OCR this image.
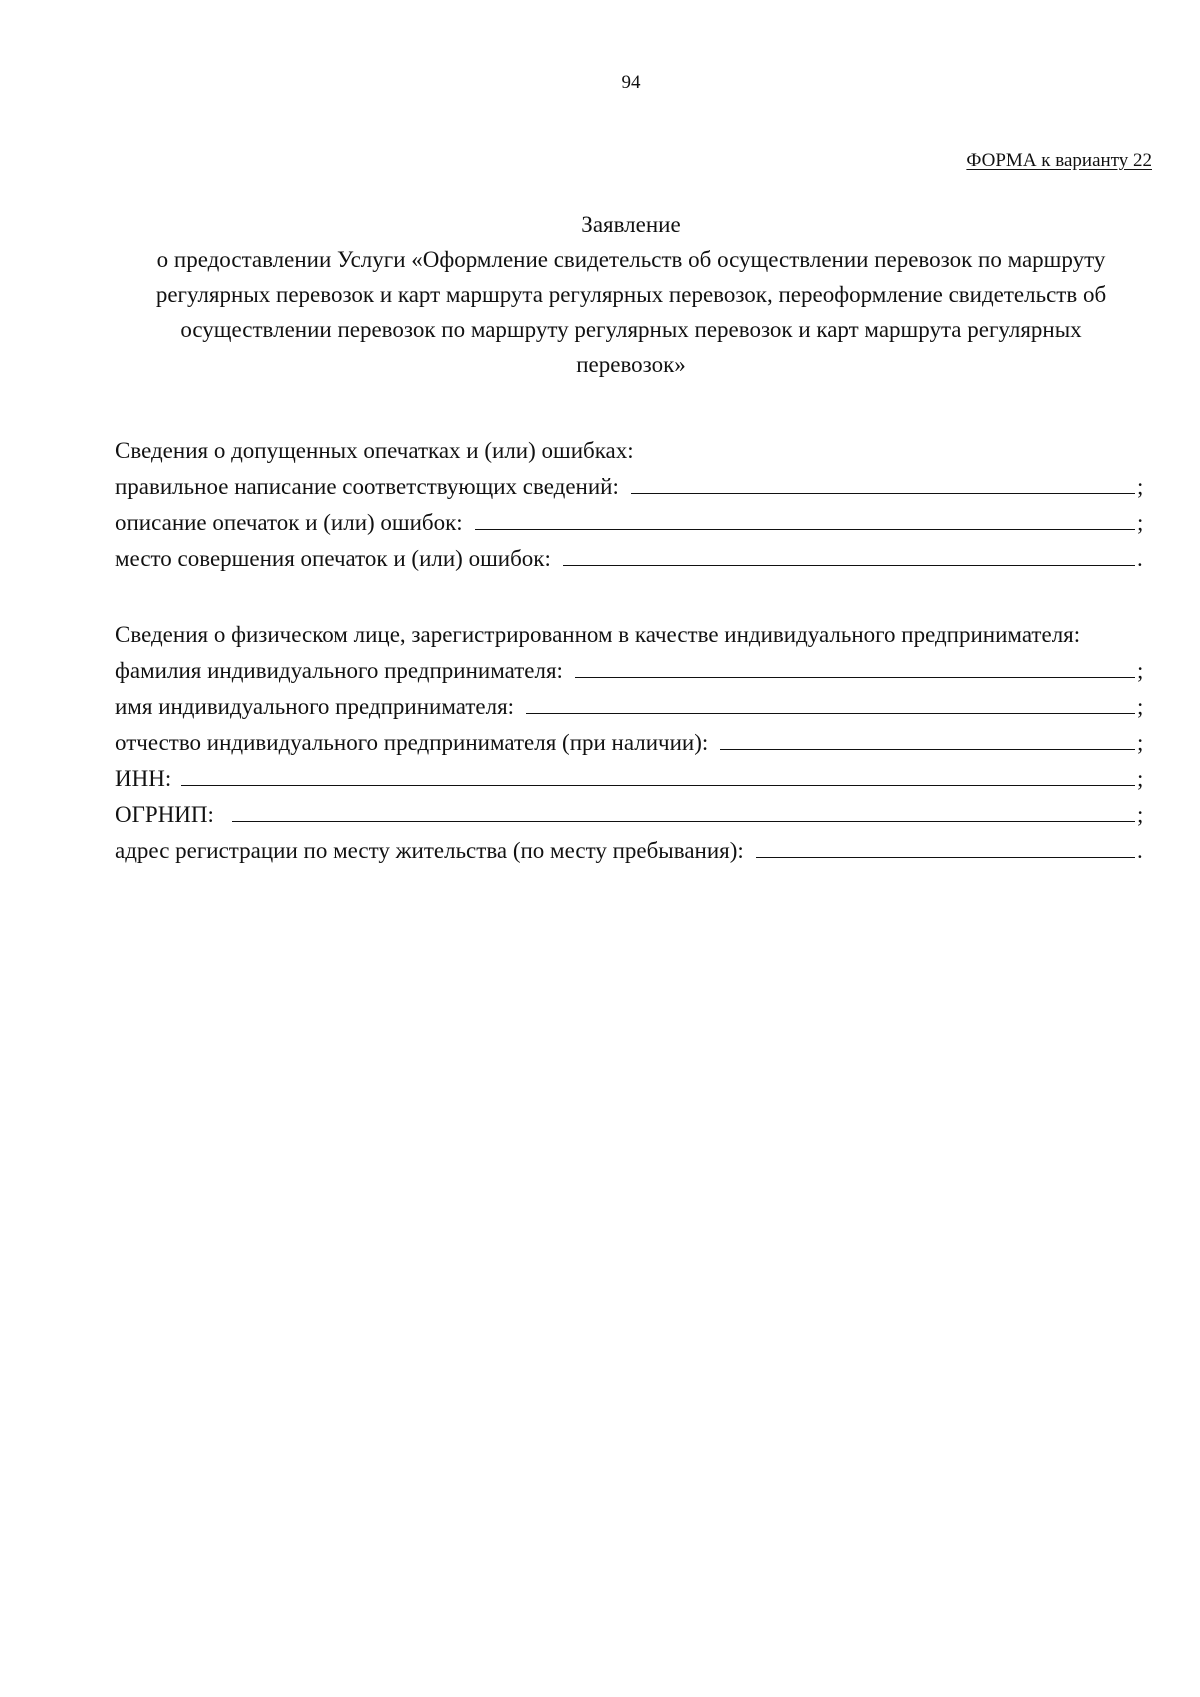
94
ФОРМА к варианту 22
Заявление
о предоставлении Услуги «Оформление свидетельств об осуществлении перевозок по маршруту
регулярных перевозок и карт маршрута регулярных перевозок, переоформление свидетельств об
осуществлении перевозок по маршруту регулярных перевозок и карт маршрута регулярных
перевозок»
Сведения о допущенных опечатках и (или) ошибках:
правильное написание соответствующих сведений:	;
описание опечаток и (или) ошибок:	;
место совершения опечаток и (или) ошибок:	.
Сведения о физическом лице, зарегистрированном в качестве индивидуального предпринимателя:
фамилия индивидуального предпринимателя:	;
имя индивидуального предпринимателя:	;
отчество индивидуального предпринимателя (при наличии):	;
ИНН:	;
ОГРНИП:	;
адрес регистрации по месту жительства (по месту пребывания):	.
